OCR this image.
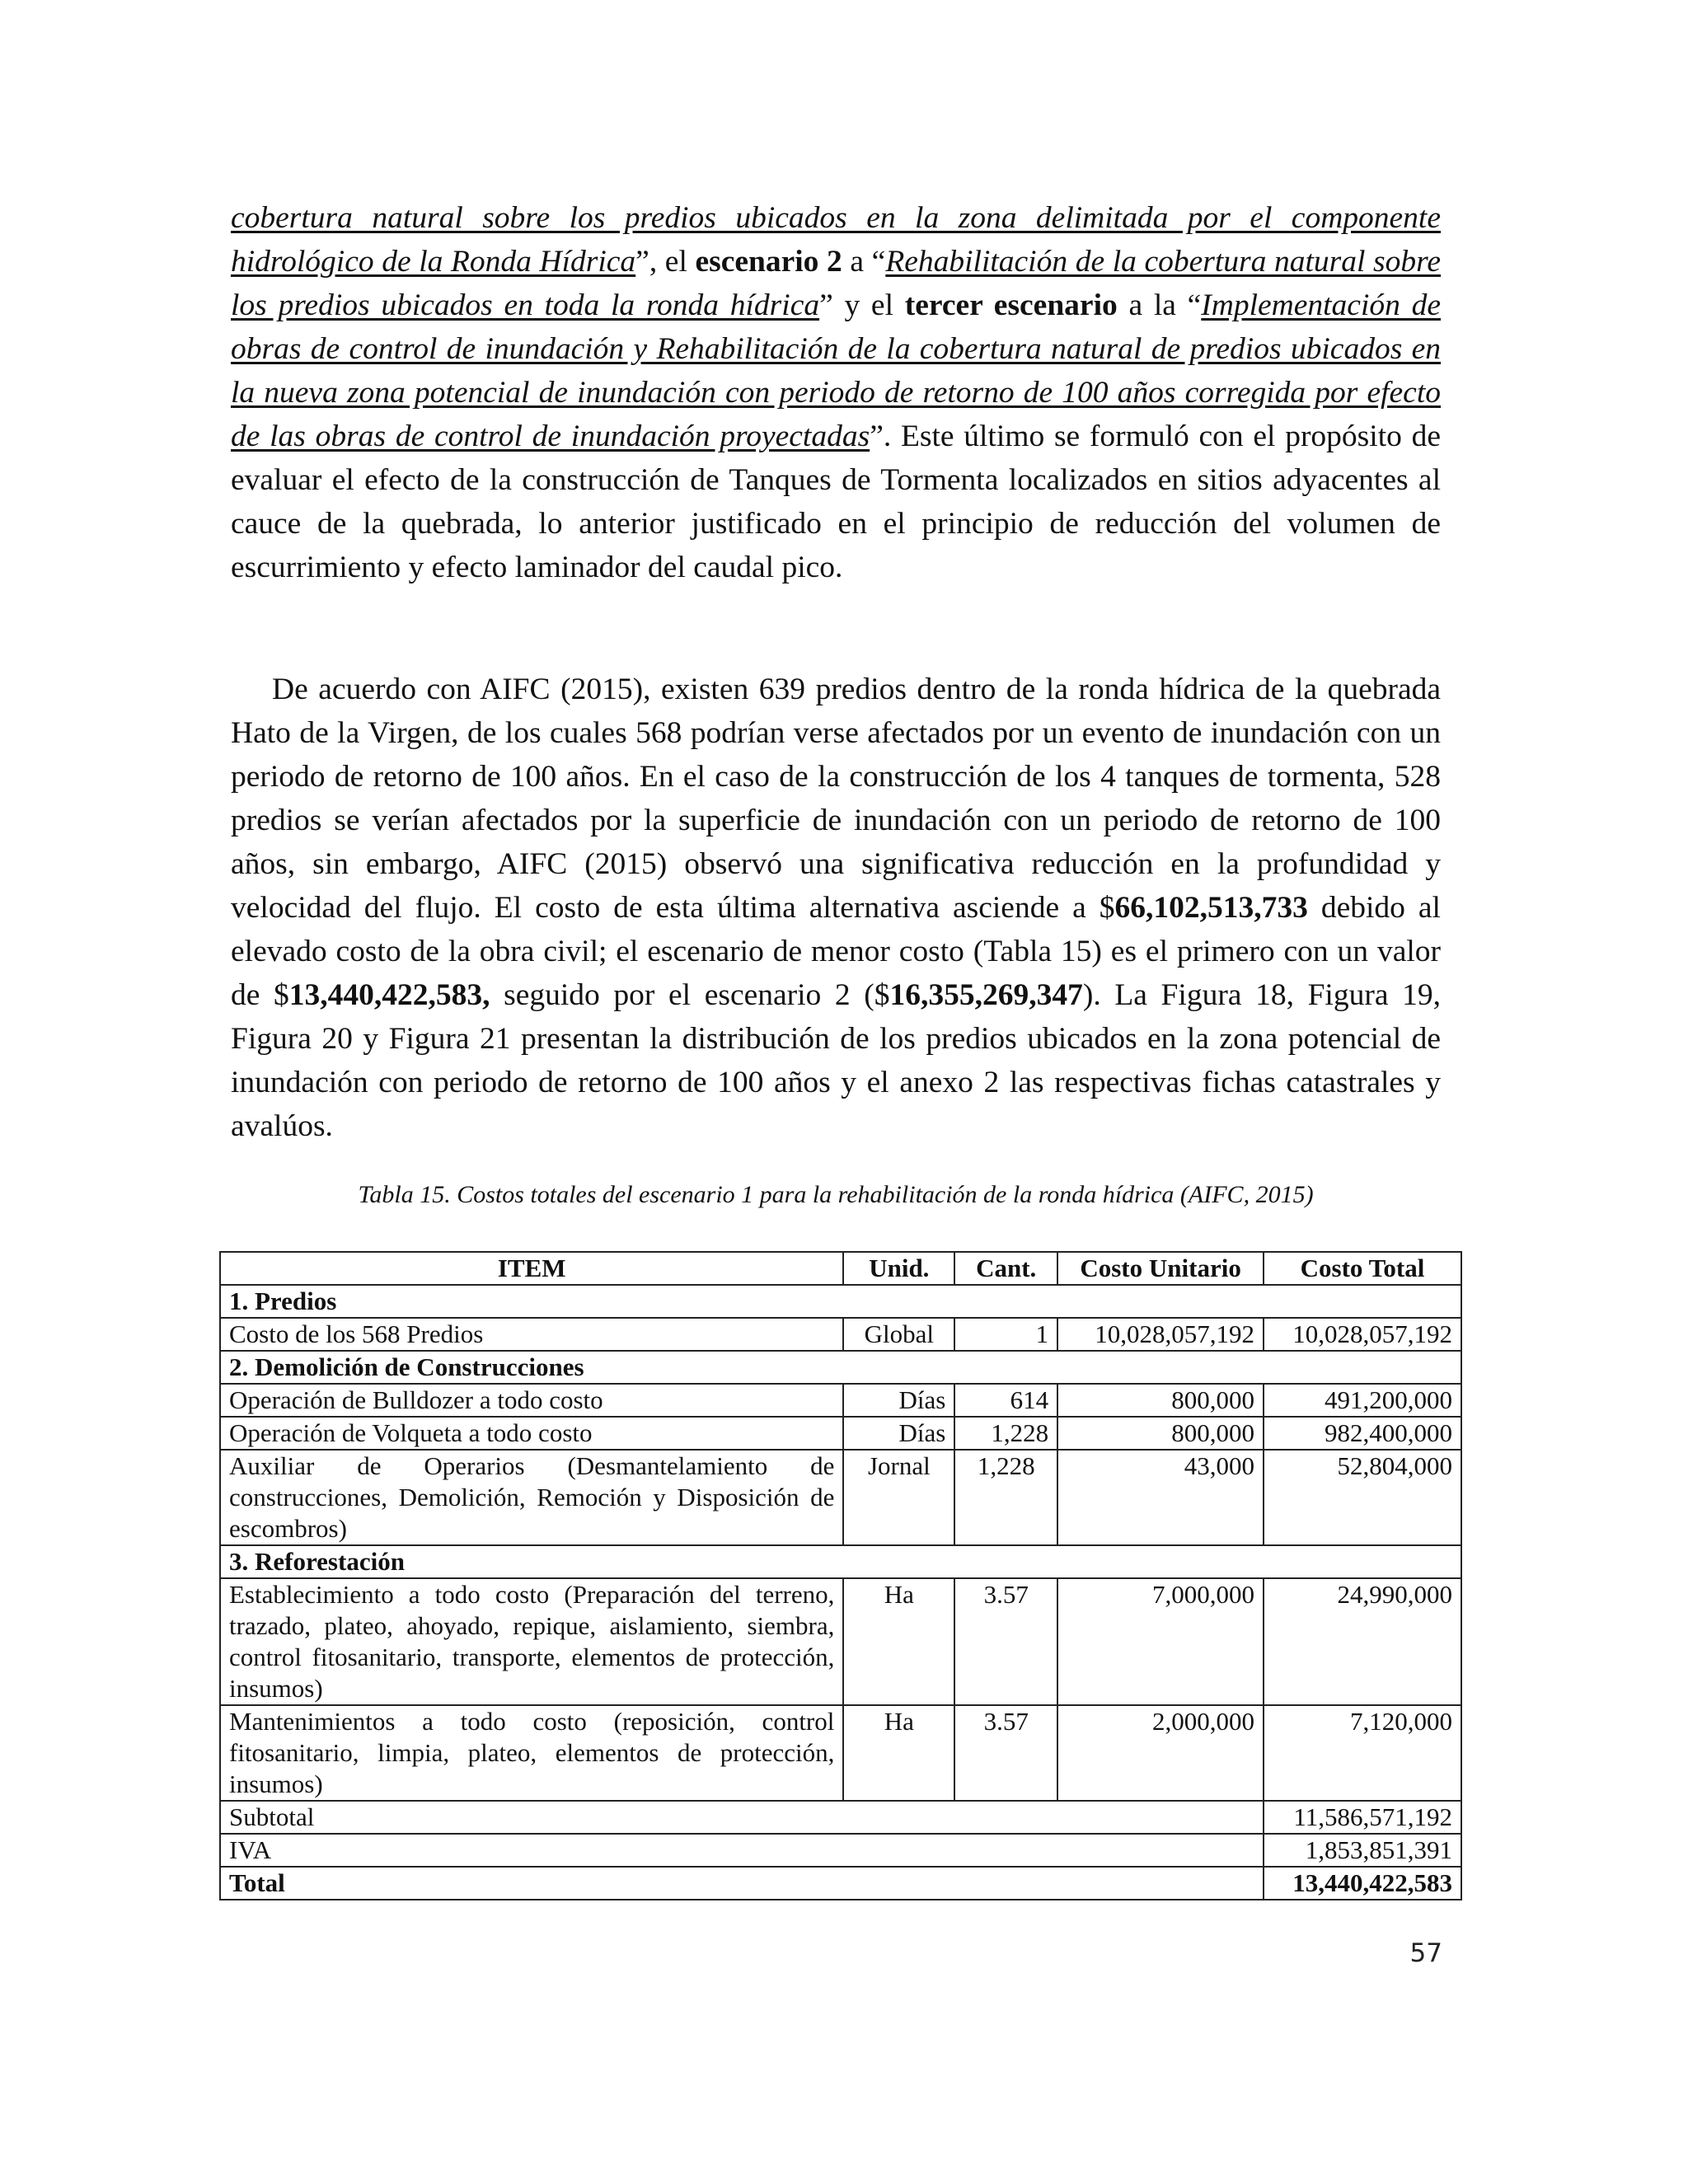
cobertura natural sobre los predios ubicados en la zona delimitada por el componente hidrológico de la Ronda Hídrica”, el escenario 2 a “Rehabilitación de la cobertura natural sobre los predios ubicados en toda la ronda hídrica” y el tercer escenario a la “Implementación de obras de control de inundación y Rehabilitación de la cobertura natural de predios ubicados en la nueva zona potencial de inundación con periodo de retorno de 100 años corregida por efecto de las obras de control de inundación proyectadas”. Este último se formuló con el propósito de evaluar el efecto de la construcción de Tanques de Tormenta localizados en sitios adyacentes al cauce de la quebrada, lo anterior justificado en el principio de reducción del volumen de escurrimiento y efecto laminador del caudal pico.

De acuerdo con AIFC (2015), existen 639 predios dentro de la ronda hídrica de la quebrada Hato de la Virgen, de los cuales 568 podrían verse afectados por un evento de inundación con un periodo de retorno de 100 años. En el caso de la construcción de los 4 tanques de tormenta, 528 predios se verían afectados por la superficie de inundación con un periodo de retorno de 100 años, sin embargo, AIFC (2015) observó una significativa reducción en la profundidad y velocidad del flujo. El costo de esta última alternativa asciende a $66,102,513,733 debido al elevado costo de la obra civil; el escenario de menor costo (Tabla 15) es el primero con un valor de $13,440,422,583, seguido por el escenario 2 ($16,355,269,347). La Figura 18, Figura 19, Figura 20 y Figura 21 presentan la distribución de los predios ubicados en la zona potencial de inundación con periodo de retorno de 100 años y el anexo 2 las respectivas fichas catastrales y avalúos.

Tabla 15. Costos totales del escenario 1 para la rehabilitación de la ronda hídrica (AIFC, 2015)
ITEM	Unid.	Cant.	Costo Unitario	Costo Total
1. Predios				
Costo de los 568 Predios	Global	1	10,028,057,192	10,028,057,192
2. Demolición de Construcciones				
Operación de Bulldozer a todo costo	Días	614	800,000	491,200,000
Operación de Volqueta a todo costo	Días	1,228	800,000	982,400,000
Auxiliar de Operarios (Desmantelamiento de construcciones, Demolición, Remoción y Disposición de escombros)	Jornal	1,228	43,000	52,804,000
3. Reforestación				
Establecimiento a todo costo (Preparación del terreno, trazado, plateo, ahoyado, repique, aislamiento, siembra, control fitosanitario, transporte, elementos de protección, insumos)	Ha	3.57	7,000,000	24,990,000
Mantenimientos a todo costo (reposición, control fitosanitario, limpia, plateo, elementos de protección, insumos)	Ha	3.57	2,000,000	7,120,000
Subtotal				11,586,571,192
IVA				1,853,851,391
Total				13,440,422,583
57
